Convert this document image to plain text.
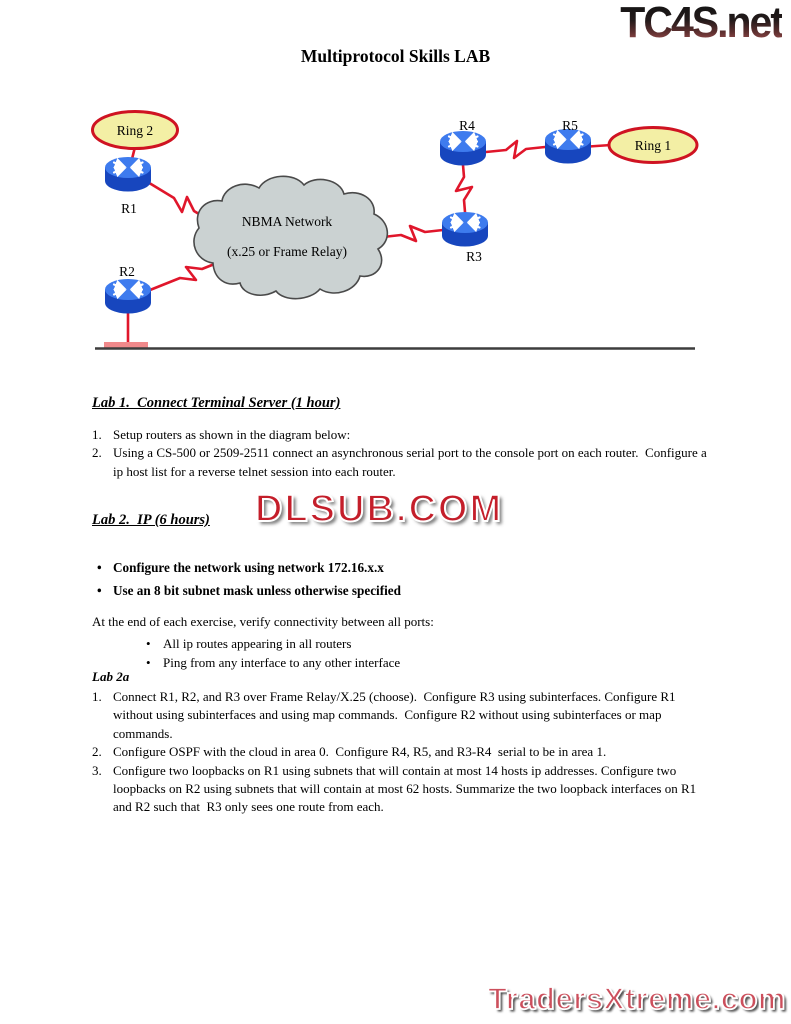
TC4S.net
Multiprotocol Skills LAB
NBMA Network
(x.25 or Frame Relay)
Ring 2
Ring 1
R1
R2
R3
R4	R5
Lab 1.  Connect Terminal Server (1 hour)
1. Setup routers as shown in the diagram below:
2. Using a CS-500 or 2509-2511 connect an asynchronous serial port to the console port on each router.  Configure a ip host list for a reverse telnet session into each router.
Lab 2.  IP (6 hours) DLSUB.COM
• Configure the network using network 172.16.x.x
• Use an 8 bit subnet mask unless otherwise specified
At the end of each exercise, verify connectivity between all ports:
• All ip routes appearing in all routers
• Ping from any interface to any other interface
Lab 2a
1. Connect R1, R2, and R3 over Frame Relay/X.25 (choose).  Configure R3 using subinterfaces. Configure R1 without using subinterfaces and using map commands.  Configure R2 without using subinterfaces or map commands.
2. Configure OSPF with the cloud in area 0.  Configure R4, R5, and R3-R4  serial to be in area 1.
3. Configure two loopbacks on R1 using subnets that will contain at most 14 hosts ip addresses. Configure two loopbacks on R2 using subnets that will contain at most 62 hosts. Summarize the two loopback interfaces on R1 and R2 such that  R3 only sees one route from each.
TradersXtreme.com
